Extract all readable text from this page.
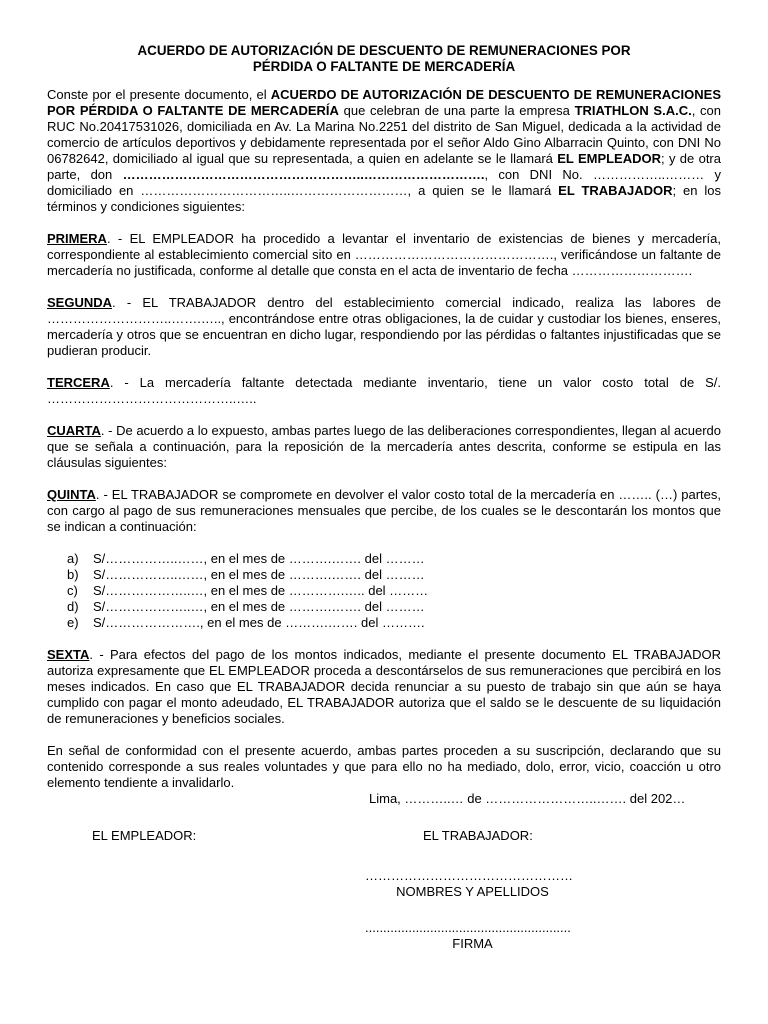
ACUERDO DE AUTORIZACIÓN DE DESCUENTO DE REMUNERACIONES POR
PÉRDIDA O FALTANTE DE MERCADERÍA

Conste por el presente documento, el ACUERDO DE AUTORIZACIÓN DE DESCUENTO DE REMUNERACIONES POR PÉRDIDA O FALTANTE DE MERCADERÍA que celebran de una parte la empresa TRIATHLON S.A.C., con RUC No.20417531026, domiciliada en Av. La Marina No.2251 del distrito de San Miguel, dedicada a la actividad de comercio de artículos deportivos y debidamente representada por el señor Aldo Gino Albarracin Quinto, con DNI No 06782642, domiciliado al igual que su representada, a quien en adelante se le llamará EL EMPLEADOR; y de otra parte, don ………………………………………………..………………………., con DNI No. ……………..……… y domiciliado en ……………………………..………………………, a quien se le llamará EL TRABAJADOR; en los términos y condiciones siguientes:

PRIMERA. - EL EMPLEADOR ha procedido a levantar el inventario de existencias de bienes y mercadería, correspondiente al establecimiento comercial sito en ………………………………………., verificándose un faltante de mercadería no justificada, conforme al detalle que consta en el acta de inventario de fecha ……………………….

SEGUNDA. - EL TRABAJADOR dentro del establecimiento comercial indicado, realiza las labores de ………………………..…….….., encontrándose entre otras obligaciones, la de cuidar y custodiar los bienes, enseres, mercadería y otros que se encuentran en dicho lugar, respondiendo por las pérdidas o faltantes injustificadas que se pudieran producir.

TERCERA. - La mercadería faltante detectada mediante inventario, tiene un valor costo total de S/. ……………………………………..…..

CUARTA. - De acuerdo a lo expuesto, ambas partes luego de las deliberaciones correspondientes, llegan al acuerdo que se señala a continuación, para la reposición de la mercadería antes descrita, conforme se estipula en las cláusulas siguientes:

QUINTA. - EL TRABAJADOR se compromete en devolver el valor costo total de la mercadería en …….. (…) partes, con cargo al pago de sus remuneraciones mensuales que percibe, de los cuales se le descontarán los montos que se indican a continuación:

a) S/……………..……, en el mes de ……….……. del ………
b) S/……………..……, en el mes de ……….……. del ………
c) S/………………..…, en el mes de ………….….. del ………
d) S/………………..…, en el mes de ……….……. del ………
e) S/…………………., en el mes de ……….……. del ……….

SEXTA. - Para efectos del pago de los montos indicados, mediante el presente documento EL TRABAJADOR autoriza expresamente que EL EMPLEADOR proceda a descontárselos de sus remuneraciones que percibirá en los meses indicados. En caso que EL TRABAJADOR decida renunciar a su puesto de trabajo sin que aún se haya cumplido con pagar el monto adeudado, EL TRABAJADOR autoriza que el saldo se le descuente de su liquidación de remuneraciones y beneficios sociales.

En señal de conformidad con el presente acuerdo, ambas partes proceden a su suscripción, declarando que su contenido corresponde a sus reales voluntades y que para ello no ha mediado, dolo, error, vicio, coacción u otro elemento tendiente a invalidarlo.

Lima, ………..… de ……………………..……. del 202…
EL EMPLEADOR:	EL TRABAJADOR:
…………………………………………
NOMBRES Y APELLIDOS
.........................................................
FIRMA
